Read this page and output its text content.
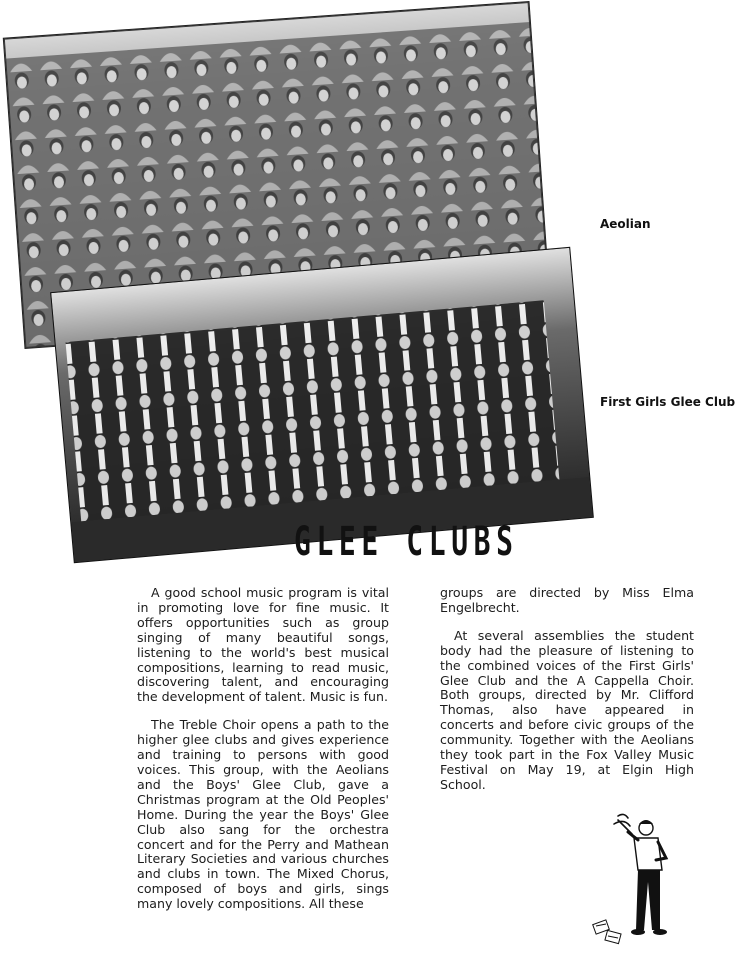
Aeolian
First Girls Glee Club
GLEE CLUBS

A good school music program is vital in promoting love for fine music. It offers opportunities such as group singing of many beautiful songs, listening to the world's best musical compositions, learning to read music, discovering talent, and encouraging the development of talent. Music is fun.

The Treble Choir opens a path to the higher glee clubs and gives experience and training to persons with good voices. This group, with the Aeolians and the Boys' Glee Club, gave a Christmas program at the Old Peoples' Home. During the year the Boys' Glee Club also sang for the orchestra concert and for the Perry and Mathean Literary Societies and various churches and clubs in town. The Mixed Chorus, composed of boys and girls, sings many lovely compositions. All these

groups are directed by Miss Elma Engelbrecht.

At several assemblies the student body had the pleasure of listening to the combined voices of the First Girls' Glee Club and the A Cappella Choir. Both groups, directed by Mr. Clifford Thomas, also have appeared in concerts and before civic groups of the community. Together with the Aeolians they took part in the Fox Valley Music Festival on May 19, at Elgin High School.
